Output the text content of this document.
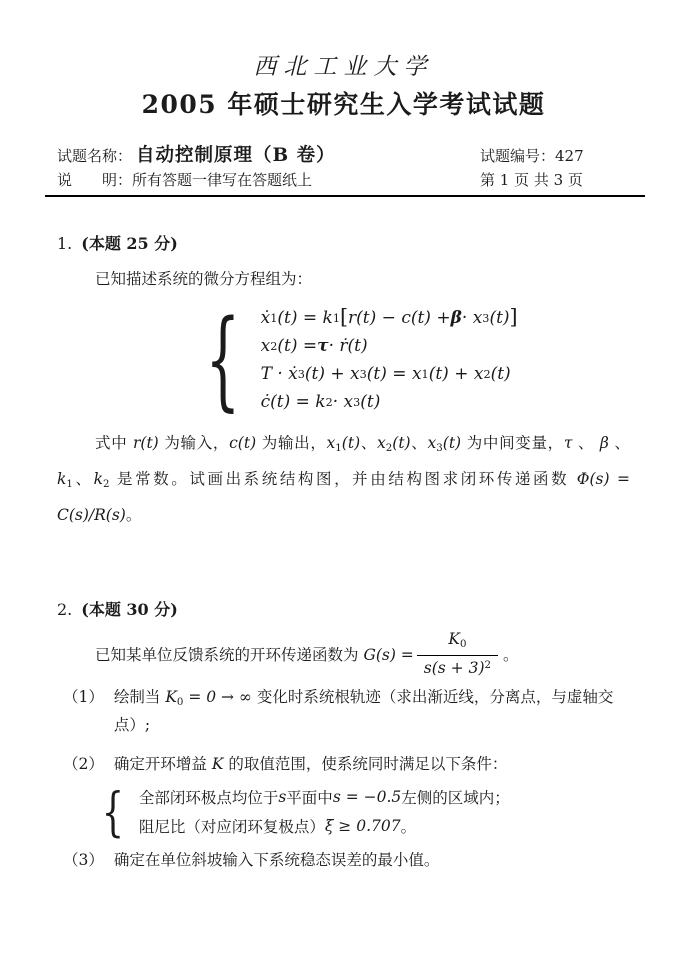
西北工业大学
2005 年硕士研究生入学考试试题
试题名称： 自动控制原理（B 卷）	试题编号：427
说　　明： 所有答题一律写在答题纸上	第 1 页 共 3 页
1. (本题 25 分)
已知描述系统的微分方程组为：
{ ẋ 1 (t) = k 1 [ r(t) − c(t) + β · x 3 (t) ]
x 2 (t) = τ · ṙ(t)
T · ẋ 3 (t) + x 3 (t) = x 1 (t) + x 2 (t)
ċ(t) = k 2 · x 3 (t)
式中 r(t) 为输入，c(t) 为输出，x1(t)、x2(t)、x3(t) 为中间变量，τ 、 β 、 k1、k2 是常数。试画出系统结构图，并由结构图求闭环传递函数 Φ(s) = C(s)/R(s)。
2. (本题 30 分)
已知某单位反馈系统的开环传递函数为 $G(s) = \frac{K0}{s(s + 3)^2}$ 。
（1） 绘制当 K0 = 0 → ∞ 变化时系统根轨迹（求出渐近线，分离点，与虚轴交点）;
（2） 确定开环增益 K 的取值范围，使系统同时满足以下条件：
{ 全部闭环极点均位于 s 平面中 s = −0.5 左侧的区域内；
阻尼比（对应闭环复极点） ξ ≥ 0.707 。
（3） 确定在单位斜坡输入下系统稳态误差的最小值。
